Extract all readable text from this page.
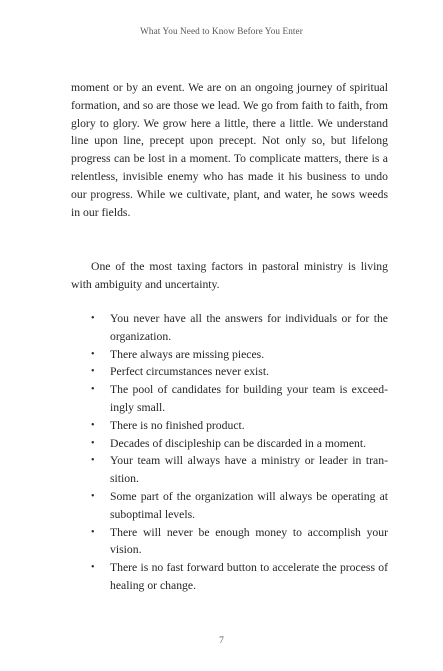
What You Need to Know Before You Enter
moment or by an event. We are on an ongoing journey of spiritual formation, and so are those we lead. We go from faith to faith, from glory to glory. We grow here a little, there a little. We understand line upon line, precept upon precept. Not only so, but lifelong progress can be lost in a moment. To complicate matters, there is a relentless, invisible enemy who has made it his business to undo our progress. While we cultivate, plant, and water, he sows weeds in our fields.
One of the most taxing factors in pastoral ministry is living with ambiguity and uncertainty.
• You never have all the answers for individuals or for the organization.
• There always are missing pieces.
• Perfect circumstances never exist.
• The pool of candidates for building your team is exceedingly small.
• There is no finished product.
• Decades of discipleship can be discarded in a moment.
• Your team will always have a ministry or leader in transition.
• Some part of the organization will always be operating at suboptimal levels.
• There will never be enough money to accomplish your vision.
• There is no fast forward button to accelerate the process of healing or change.
7
